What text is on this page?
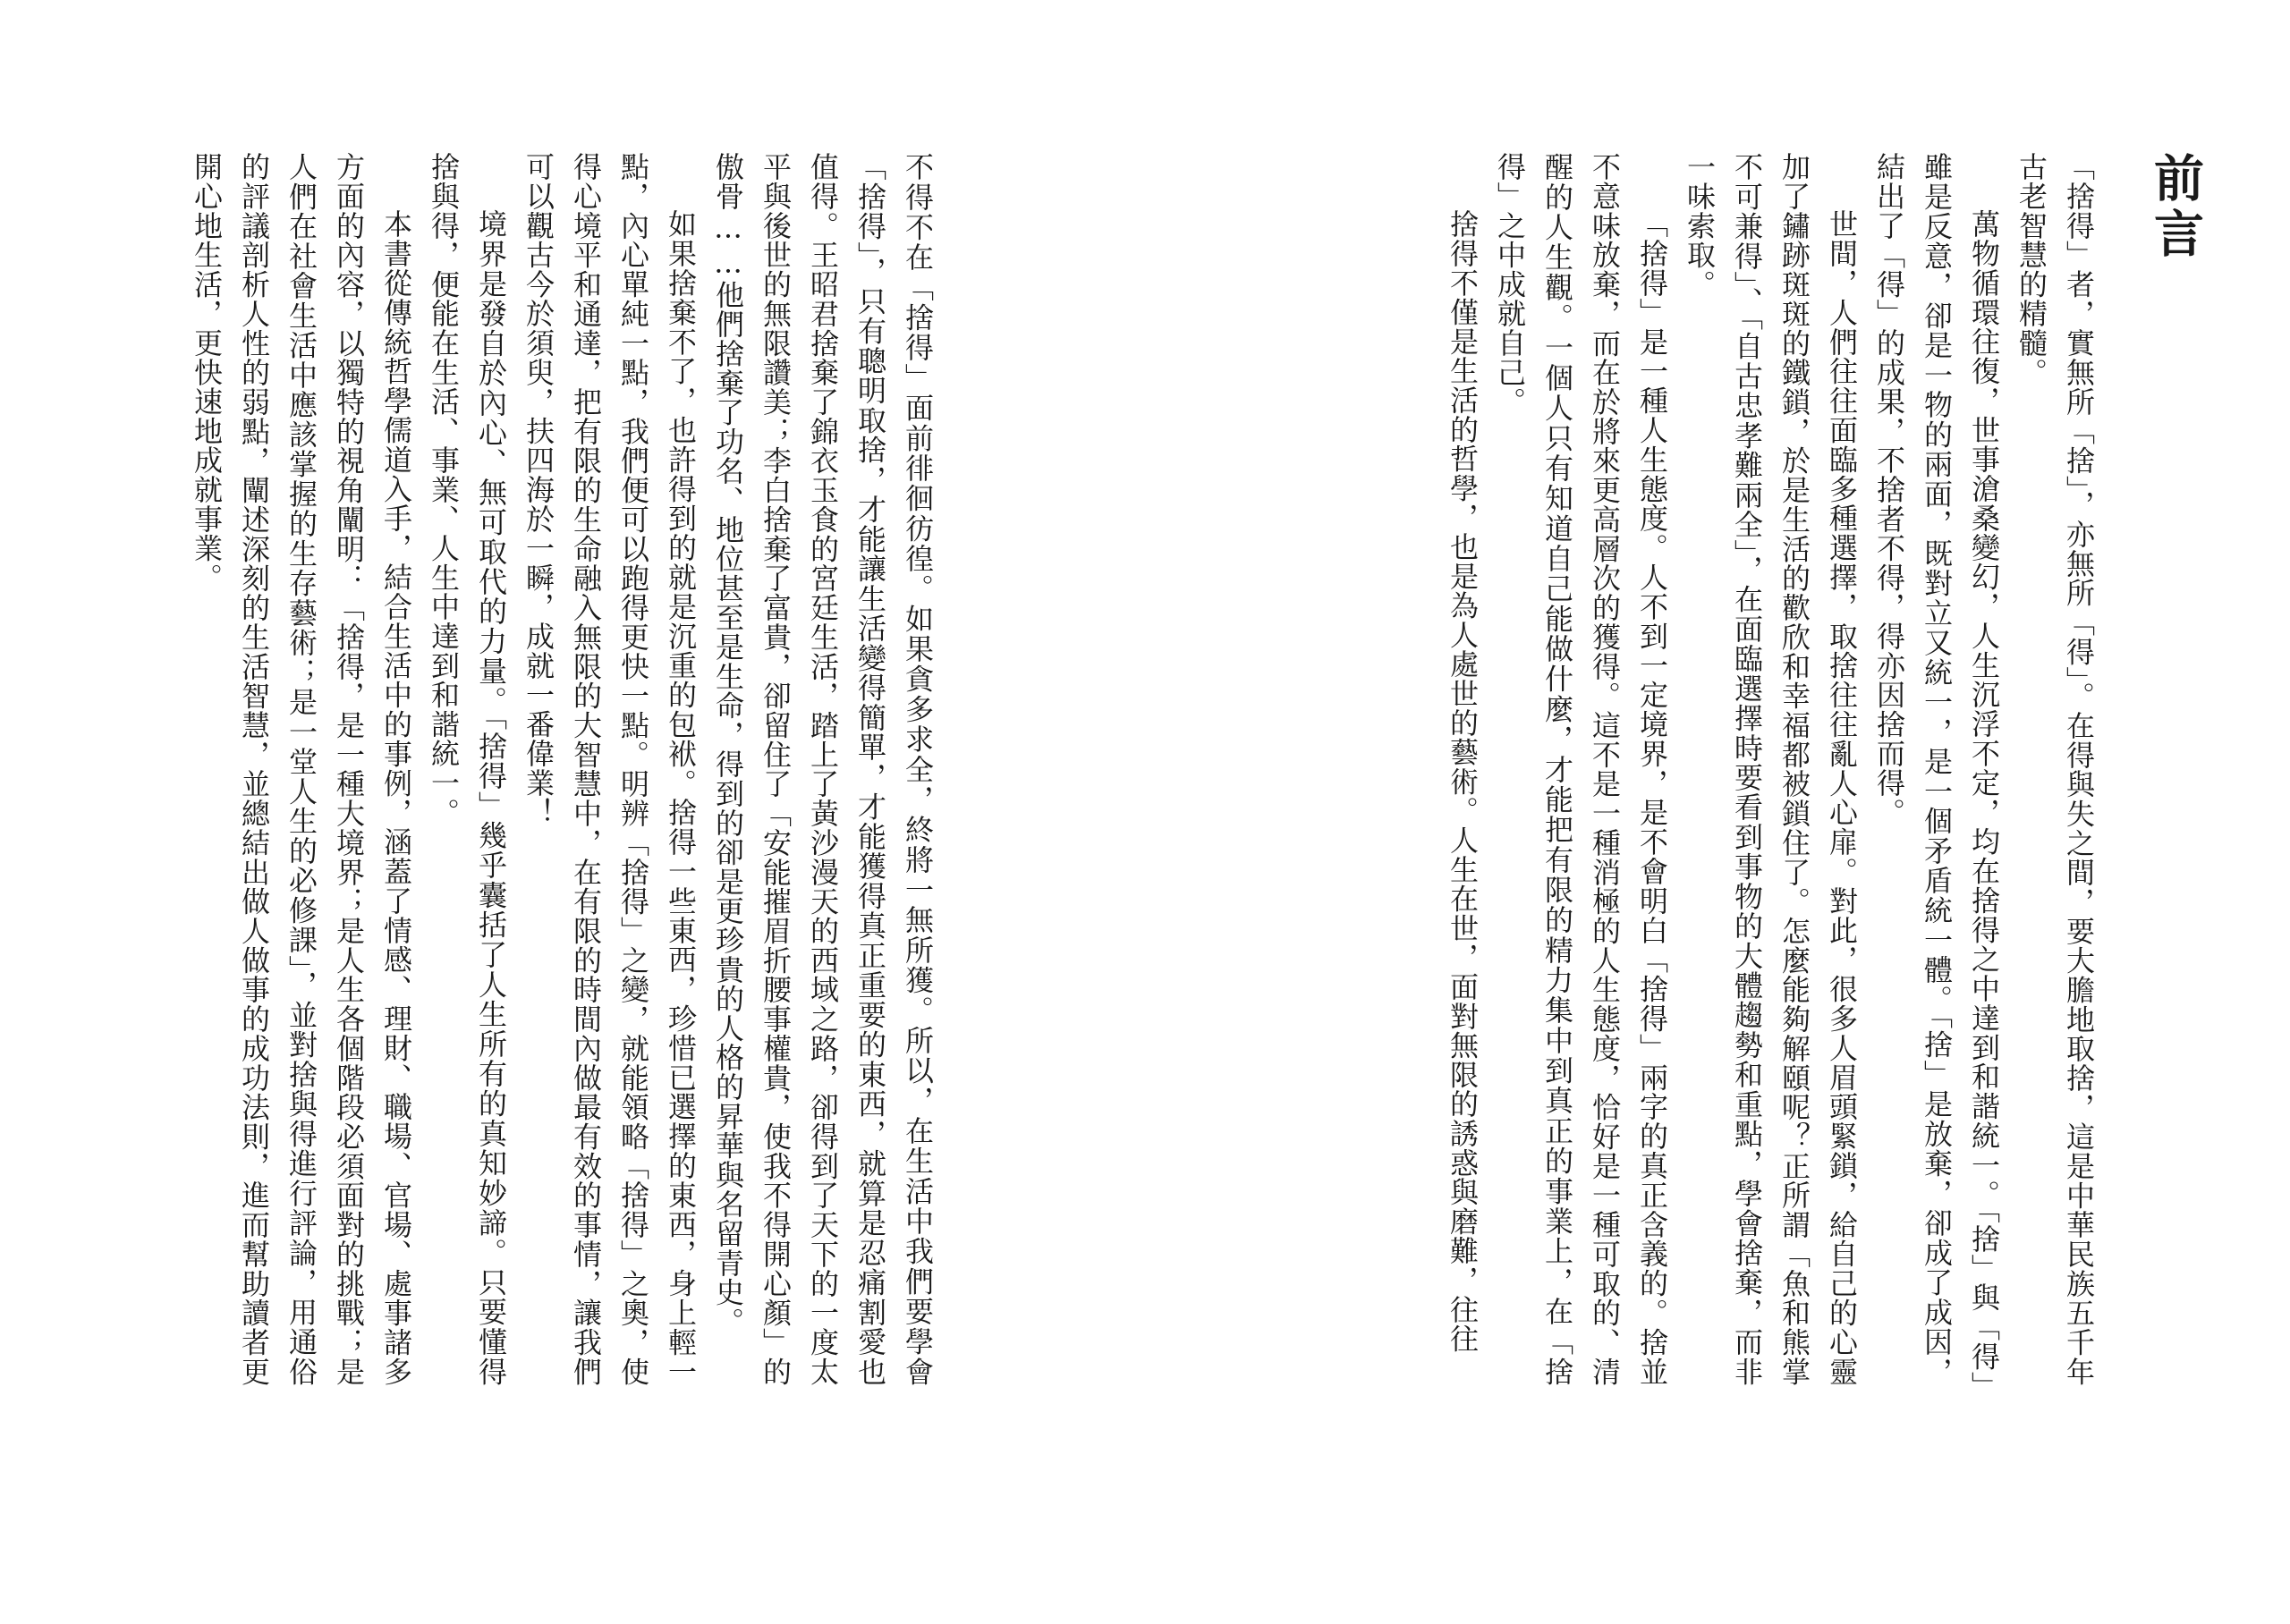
不得不在「捨得」面前徘徊彷徨。如果貪多求全，終將一無所獲。所以，在生活中我們要學會「捨得」，只有聰明取捨，才能讓生活變得簡單，才能獲得真正重要的東西，就算是忍痛割愛也值得。王昭君捨棄了錦衣玉食的宮廷生活，踏上了黃沙漫天的西域之路，卻得到了天下的一度太平與後世的無限讚美；李白捨棄了富貴，卻留住了「安能摧眉折腰事權貴，使我不得開心顏」的傲骨……他們捨棄了功名、地位甚至是生命，得到的卻是更珍貴的人格的昇華與名留青史。

如果捨棄不了，也許得到的就是沉重的包袱。捨得一些東西，珍惜已選擇的東西，身上輕一點，內心單純一點，我們便可以跑得更快一點。明辨「捨得」之變，就能領略「捨得」之奧，使得心境平和通達，把有限的生命融入無限的大智慧中，在有限的時間內做最有效的事情，讓我們可以觀古今於須臾，扶四海於一瞬，成就一番偉業！

境界是發自於內心、無可取代的力量。「捨得」幾乎囊括了人生所有的真知妙諦。只要懂得捨與得，便能在生活、事業、人生中達到和諧統一。

本書從傳統哲學儒道入手，結合生活中的事例，涵蓋了情感、理財、職場、官場、處事諸多方面的內容，以獨特的視角闡明：「捨得，是一種大境界；是人生各個階段必須面對的挑戰；是人們在社會生活中應該掌握的生存藝術；是一堂人生的必修課」，並對捨與得進行評論，用通俗的評議剖析人性的弱點，闡述深刻的生活智慧，並總結出做人做事的成功法則，進而幫助讀者更開心地生活，更快速地成就事業。	前言

「捨得」者，實無所「捨」，亦無所「得」。在得與失之間，要大膽地取捨，這是中華民族五千年古老智慧的精髓。

萬物循環往復，世事滄桑變幻，人生沉浮不定，均在捨得之中達到和諧統一。「捨」與「得」雖是反意，卻是一物的兩面，既對立又統一，是一個矛盾統一體。「捨」是放棄，卻成了成因，結出了「得」的成果，不捨者不得，得亦因捨而得。

世間，人們往往面臨多種選擇，取捨往往亂人心扉。對此，很多人眉頭緊鎖，給自己的心靈加了鏽跡斑斑的鐵鎖，於是生活的歡欣和幸福都被鎖住了。怎麼能夠解頤呢？正所謂「魚和熊掌不可兼得」、「自古忠孝難兩全」，在面臨選擇時要看到事物的大體趨勢和重點，學會捨棄，而非一味索取。

「捨得」是一種人生態度。人不到一定境界，是不會明白「捨得」兩字的真正含義的。捨並不意味放棄，而在於將來更高層次的獲得。這不是一種消極的人生態度，恰好是一種可取的、清醒的人生觀。一個人只有知道自己能做什麼，才能把有限的精力集中到真正的事業上，在「捨得」之中成就自己。

捨得不僅是生活的哲學，也是為人處世的藝術。人生在世，面對無限的誘惑與磨難，往往
